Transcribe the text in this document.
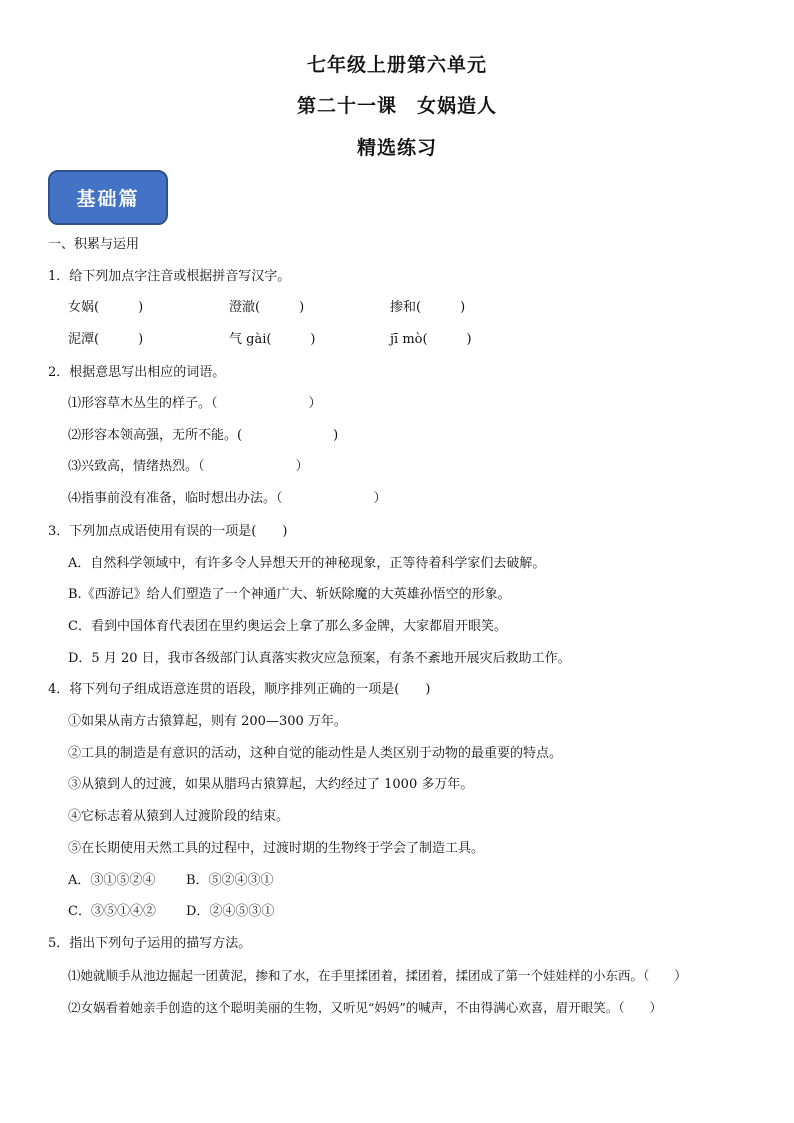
七年级上册第六单元
第二十一课　女娲造人
精选练习
基础篇
一、积累与运用
1．给下列加点字注音或根据拼音写汉字。
女娲(　　　)	澄澈(　　　)	掺和(　　　)
泥潭(　　　)	气 gài(　　　)	jī mò(　　　)
2．根据意思写出相应的词语。
⑴形容草木丛生的样子。（　　　　　　　）
⑵形容本领高强，无所不能。(　　　　　　　)
⑶兴致高，情绪热烈。（　　　　　　　）
⑷指事前没有准备，临时想出办法。（　　　　　　　）
3．下列加点成语使用有误的一项是(　　)
A．自然科学领域中，有许多令人异想天开的神秘现象，正等待着科学家们去破解。
B.《西游记》给人们塑造了一个神通广大、斩妖除魔的大英雄孙悟空的形象。
C．看到中国体育代表团在里约奥运会上拿了那么多金牌，大家都眉开眼笑。
D．5 月 20 日，我市各级部门认真落实救灾应急预案，有条不紊地开展灾后救助工作。
4．将下列句子组成语意连贯的语段，顺序排列正确的一项是(　　)
①如果从南方古猿算起，则有 200—300 万年。
②工具的制造是有意识的活动，这种自觉的能动性是人类区别于动物的最重要的特点。
③从猿到人的过渡，如果从腊玛古猿算起，大约经过了 1000 多万年。
④它标志着从猿到人过渡阶段的结束。
⑤在长期使用天然工具的过程中，过渡时期的生物终于学会了制造工具。
A．③①⑤②④ B．⑤②④③①
C．③⑤①④② D．②④⑤③①
5．指出下列句子运用的描写方法。
⑴她就顺手从池边掘起一团黄泥，掺和了水，在手里揉团着，揉团着，揉团成了第一个娃娃样的小东西。（　　）
⑵女娲看着她亲手创造的这个聪明美丽的生物，又听见“妈妈”的喊声，不由得满心欢喜，眉开眼笑。（　　）
